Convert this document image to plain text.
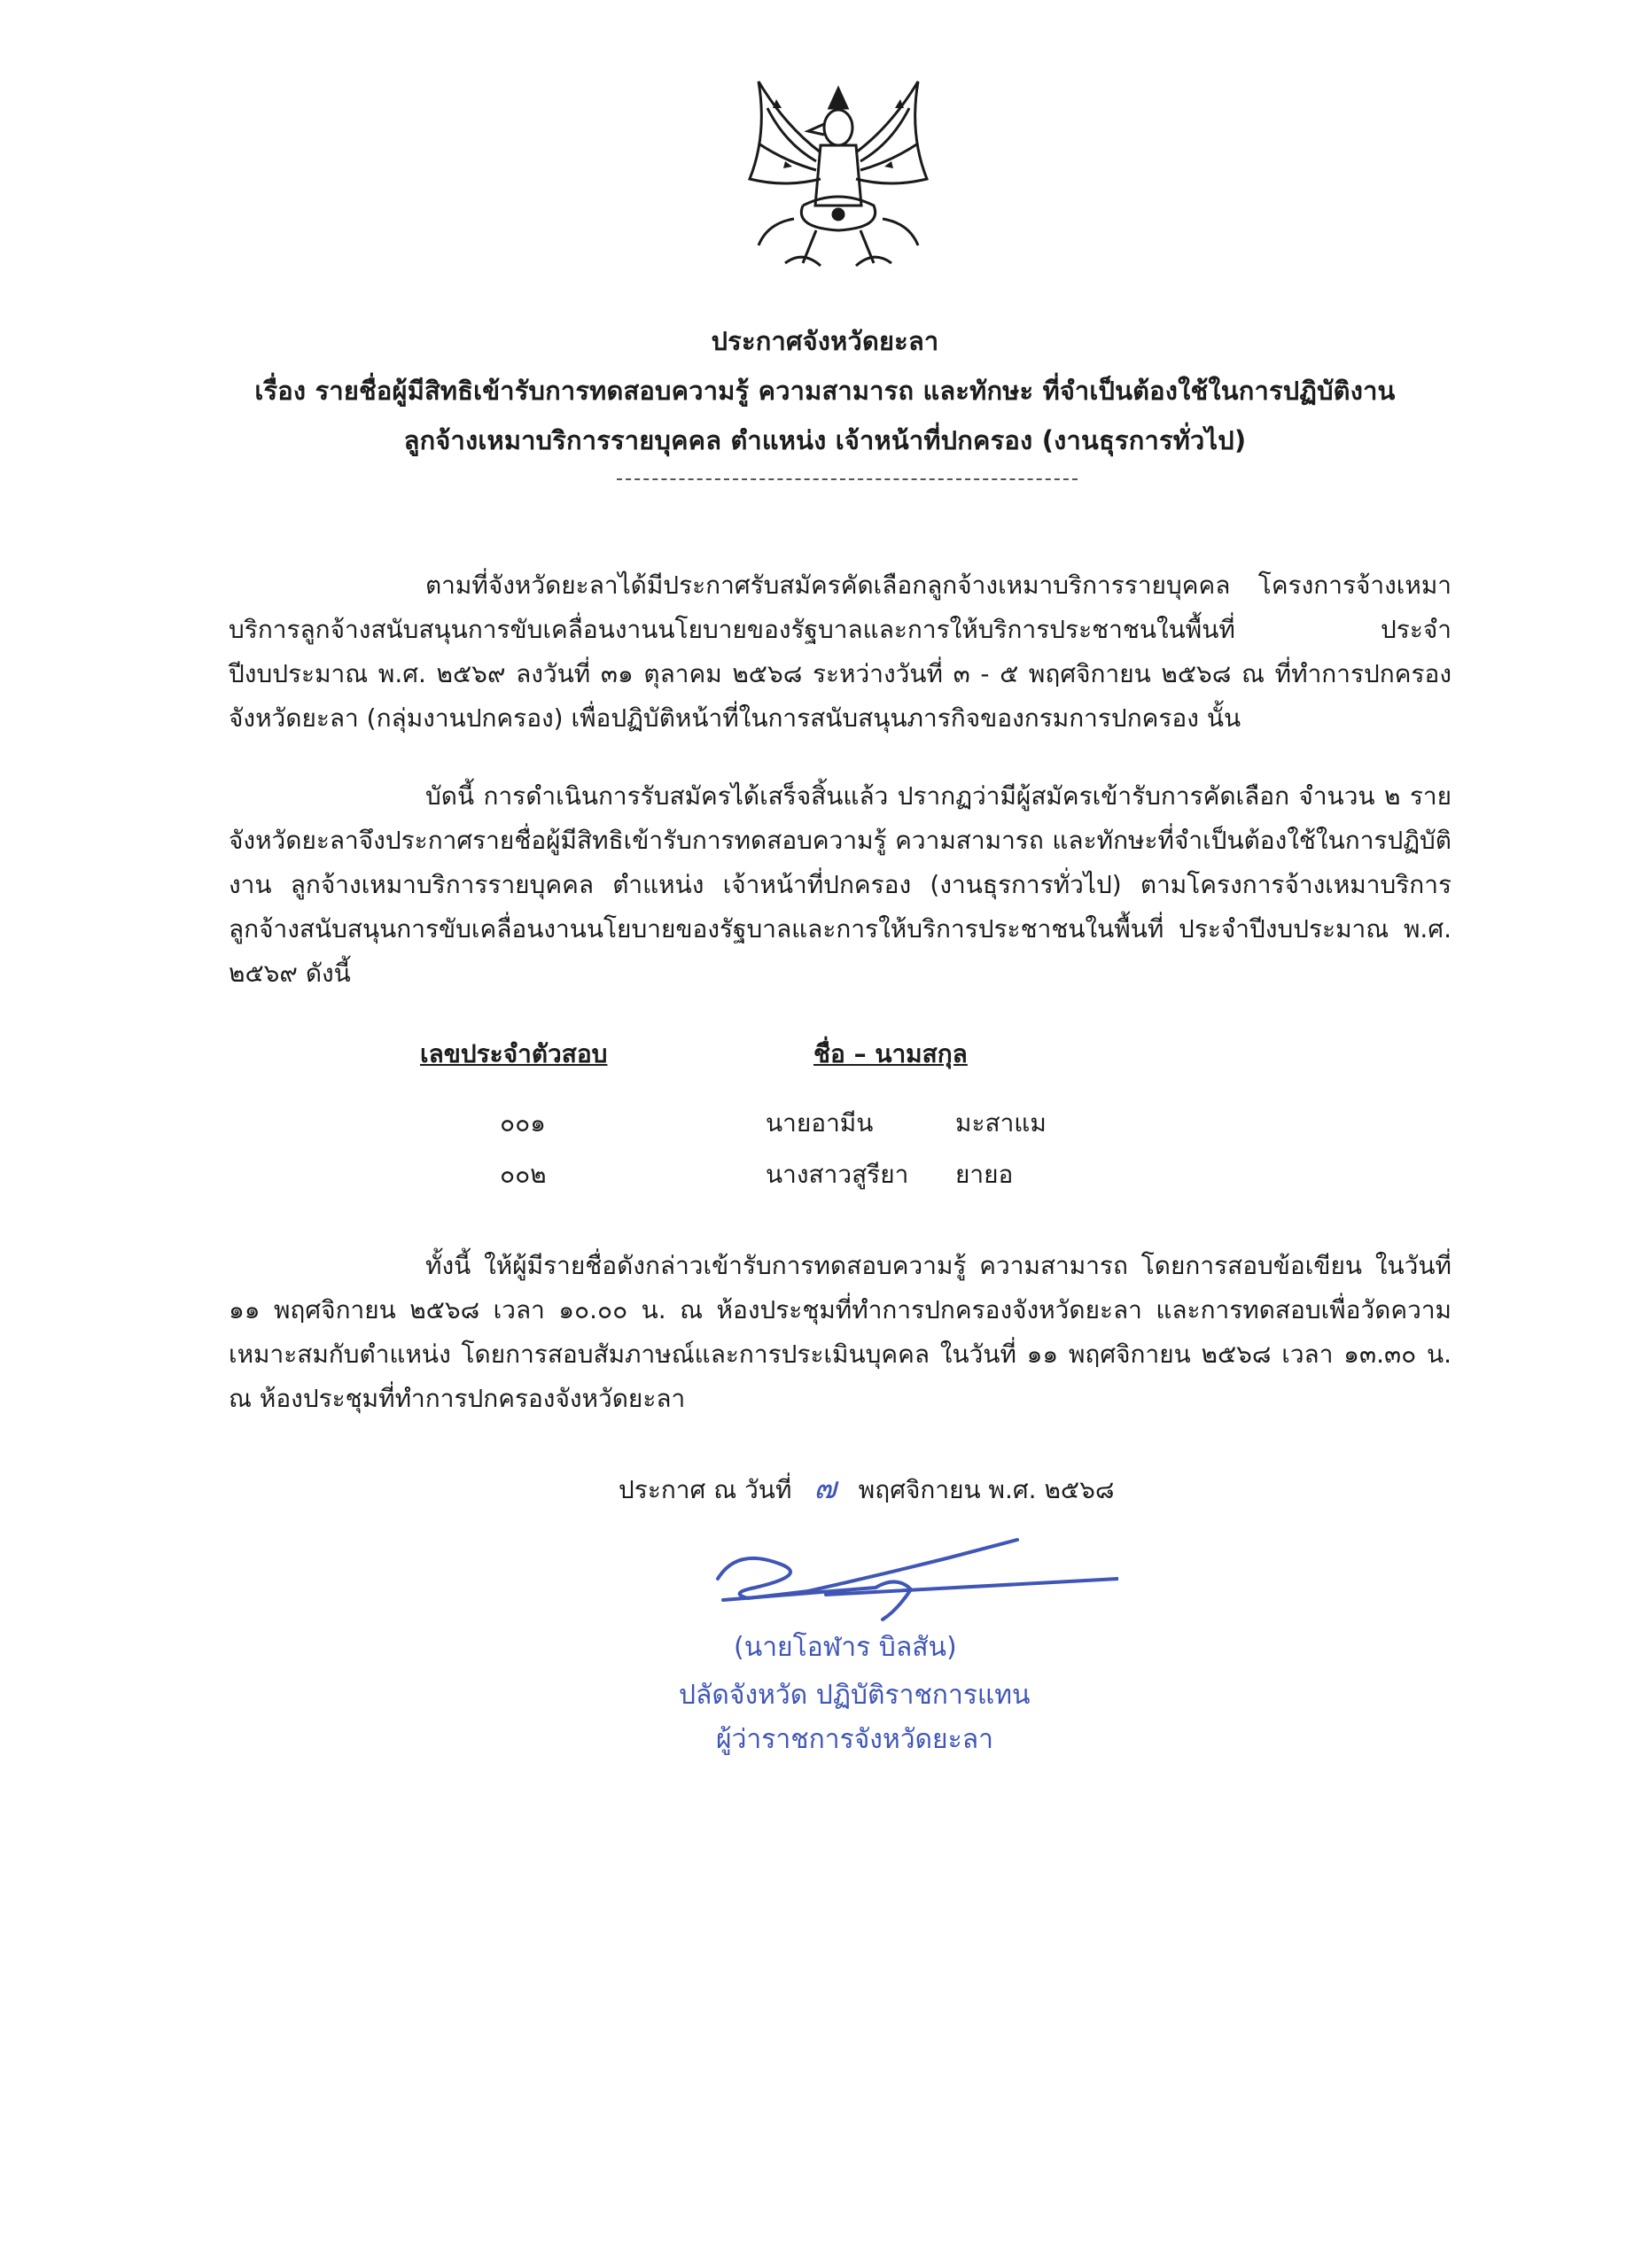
ประกาศจังหวัดยะลา
เรื่อง รายชื่อผู้มีสิทธิเข้ารับการทดสอบความรู้ ความสามารถ และทักษะ ที่จำเป็นต้องใช้ในการปฏิบัติงาน
ลูกจ้างเหมาบริการรายบุคคล ตำแหน่ง เจ้าหน้าที่ปกครอง (งานธุรการทั่วไป)

ตามที่จังหวัดยะลาได้มีประกาศรับสมัครคัดเลือกลูกจ้างเหมาบริการรายบุคคล โครงการจ้างเหมาบริการลูกจ้างสนับสนุนการขับเคลื่อนงานนโยบายของรัฐบาลและการให้บริการประชาชนในพื้นที่ ประจำปีงบประมาณ พ.ศ. ๒๕๖๙ ลงวันที่ ๓๑ ตุลาคม ๒๕๖๘ ระหว่างวันที่ ๓ - ๕ พฤศจิกายน ๒๕๖๘ ณ ที่ทำการปกครองจังหวัดยะลา (กลุ่มงานปกครอง) เพื่อปฏิบัติหน้าที่ในการสนับสนุนภารกิจของกรมการปกครอง นั้น

บัดนี้ การดำเนินการรับสมัครได้เสร็จสิ้นแล้ว ปรากฏว่ามีผู้สมัครเข้ารับการคัดเลือก จำนวน ๒ ราย จังหวัดยะลาจึงประกาศรายชื่อผู้มีสิทธิเข้ารับการทดสอบความรู้ ความสามารถ และทักษะที่จำเป็นต้องใช้ในการปฏิบัติงาน ลูกจ้างเหมาบริการรายบุคคล ตำแหน่ง เจ้าหน้าที่ปกครอง (งานธุรการทั่วไป) ตามโครงการจ้างเหมาบริการลูกจ้างสนับสนุนการขับเคลื่อนงานนโยบายของรัฐบาลและการให้บริการประชาชนในพื้นที่ ประจำปีงบประมาณ พ.ศ. ๒๕๖๙ ดังนี้

เลขประจำตัวสอบ	ชื่อ – นามสกุล
๐๐๑	นายอามีน	มะสาแม
๐๐๒	นางสาวสูรียา ยายอ

ทั้งนี้ ให้ผู้มีรายชื่อดังกล่าวเข้ารับการทดสอบความรู้ ความสามารถ โดยการสอบข้อเขียน ในวันที่ ๑๑ พฤศจิกายน ๒๕๖๘ เวลา ๑๐.๐๐ น. ณ ห้องประชุมที่ทำการปกครองจังหวัดยะลา และการทดสอบเพื่อวัดความเหมาะสมกับตำแหน่ง โดยการสอบสัมภาษณ์และการประเมินบุคคล ในวันที่ ๑๑ พฤศจิกายน ๒๕๖๘ เวลา ๑๓.๓๐ น. ณ ห้องประชุมที่ทำการปกครองจังหวัดยะลา

ประกาศ ณ วันที่ ๗ พฤศจิกายน พ.ศ. ๒๕๖๘
(นายโอฬาร บิลสัน)
ปลัดจังหวัด ปฏิบัติราชการแทน
ผู้ว่าราชการจังหวัดยะลา
